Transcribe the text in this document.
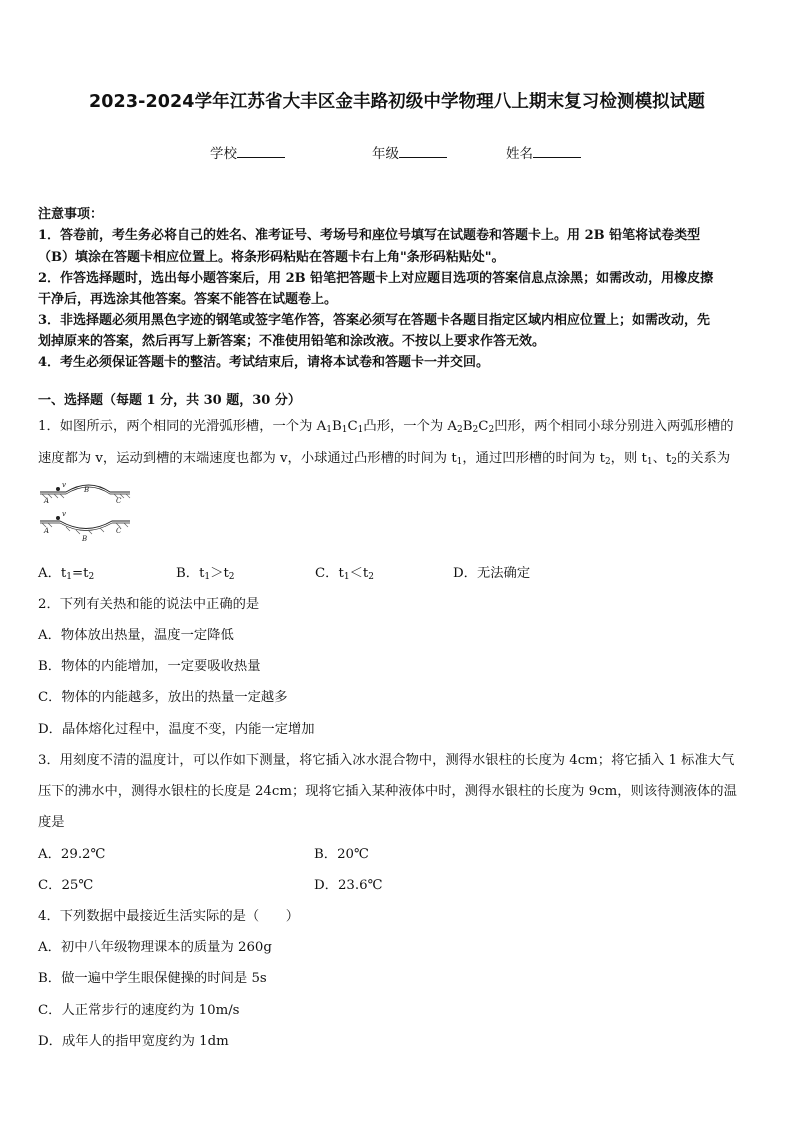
2023-2024学年江苏省大丰区金丰路初级中学物理八上期末复习检测模拟试题
学校	年级	姓名
注意事项：
1．答卷前，考生务必将自己的姓名、准考证号、考场号和座位号填写在试题卷和答题卡上。用 2B 铅笔将试卷类型
（B）填涂在答题卡相应位置上。将条形码粘贴在答题卡右上角"条形码粘贴处"。
2．作答选择题时，选出每小题答案后，用 2B 铅笔把答题卡上对应题目选项的答案信息点涂黑；如需改动，用橡皮擦
干净后，再选涂其他答案。答案不能答在试题卷上。
3．非选择题必须用黑色字迹的钢笔或签字笔作答，答案必须写在答题卡各题目指定区域内相应位置上；如需改动，先
划掉原来的答案，然后再写上新答案；不准使用铅笔和涂改液。不按以上要求作答无效。
4．考生必须保证答题卡的整洁。考试结束后，请将本试卷和答题卡一并交回。
一、选择题（每题 1 分，共 30 题，30 分）
1．如图所示，两个相同的光滑弧形槽，一个为 $A_1B_1C_1$凸形，一个为 $A_2B_2C_2$凹形，两个相同小球分别进入两弧形槽的
速度都为 v，运动到槽的末端速度也都为 v，小球通过凸形槽的时间为 $t_1$，通过凹形槽的时间为 $t_2$，则 $t_1$、$t_2$的关系为
v
A
B
C
v
A
B
C
A．$t_1=t_2$	B．$t_1>t_2$	C．$t_1<t_2$	D．无法确定
2．下列有关热和能的说法中正确的是
A．物体放出热量，温度一定降低
B．物体的内能增加，一定要吸收热量
C．物体的内能越多，放出的热量一定越多
D．晶体熔化过程中，温度不变，内能一定增加
3．用刻度不清的温度计，可以作如下测量，将它插入冰水混合物中，测得水银柱的长度为 4cm；将它插入 1 标准大气
压下的沸水中，测得水银柱的长度是 24cm；现将它插入某种液体中时，测得水银柱的长度为 9cm，则该待测液体的温
度是
A．29.2℃	B．20℃
C．25℃	D．23.6℃
4．下列数据中最接近生活实际的是（　　）
A．初中八年级物理课本的质量为 260g
B．做一遍中学生眼保健操的时间是 5s
C．人正常步行的速度约为 10m/s
D．成年人的指甲宽度约为 1dm
